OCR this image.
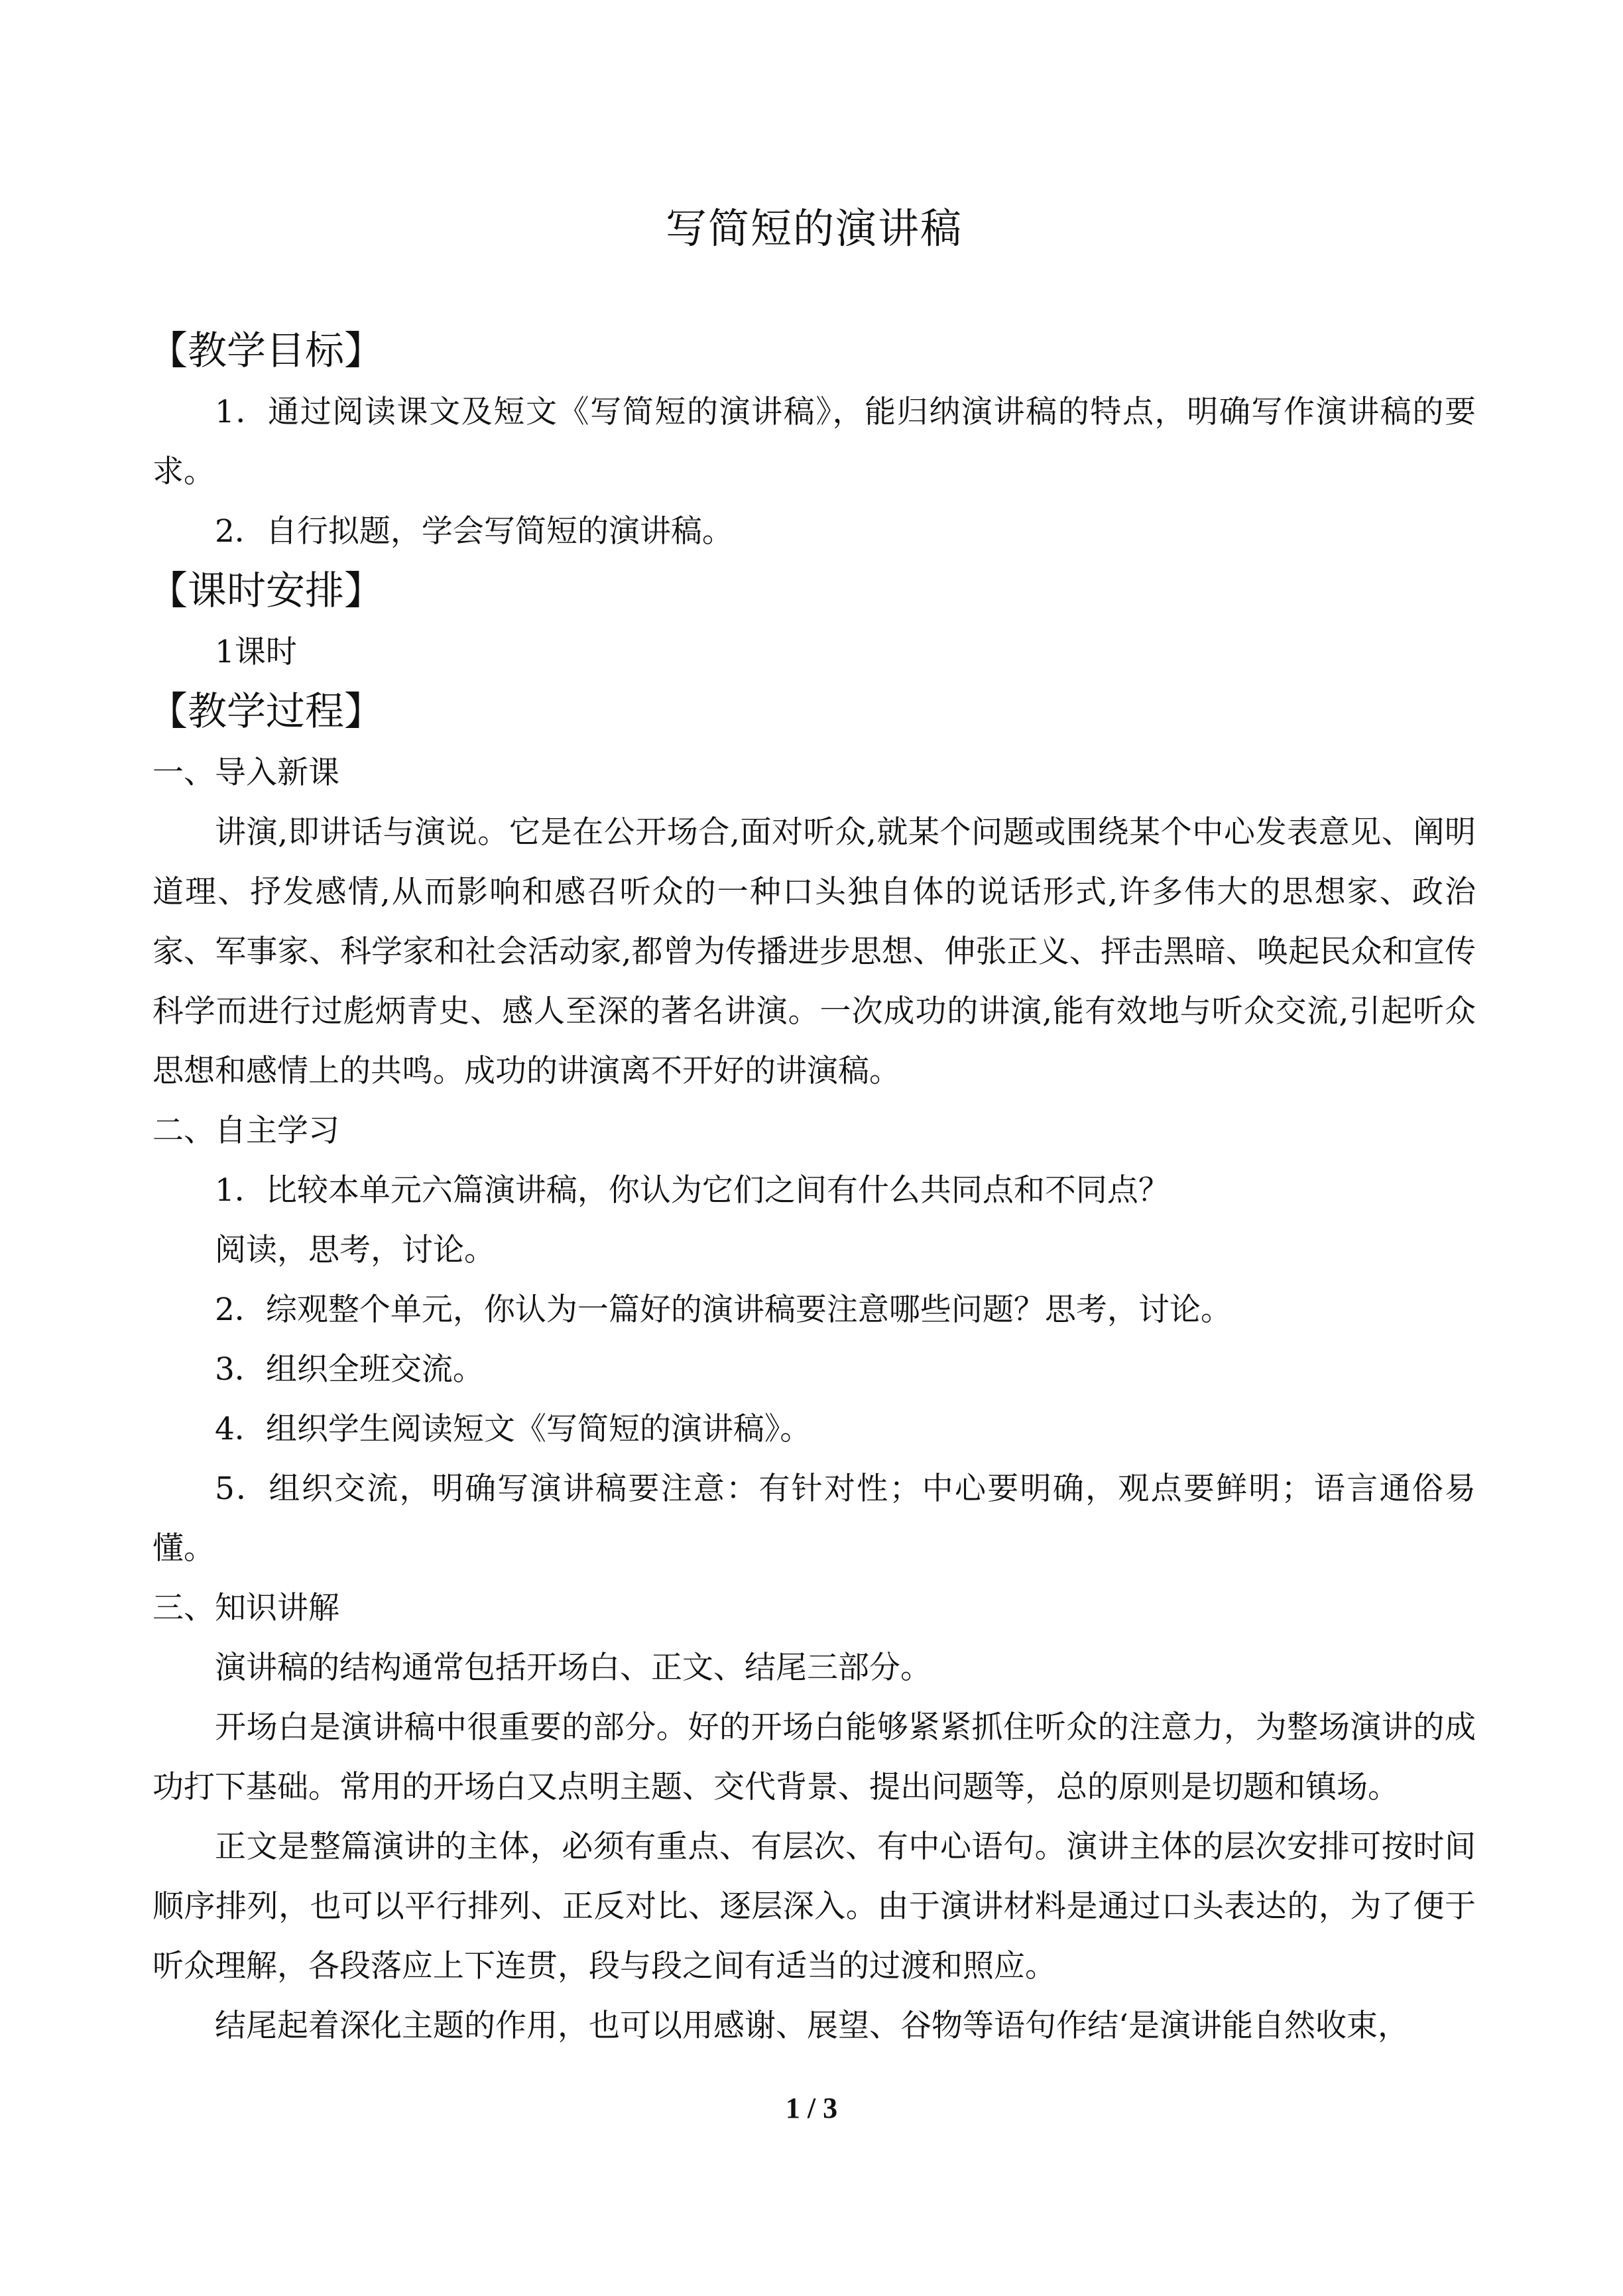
写简短的演讲稿
【教学目标】

1．通过阅读课文及短文《写简短的演讲稿》，能归纳演讲稿的特点，明确写作演讲稿的要求。

2．自行拟题，学会写简短的演讲稿。

【课时安排】

1课时

【教学过程】
一、导入新课

讲演,即讲话与演说。它是在公开场合,面对听众,就某个问题或围绕某个中心发表意见、阐明道理、抒发感情,从而影响和感召听众的一种口头独自体的说话形式,许多伟大的思想家、政治家、军事家、科学家和社会活动家,都曾为传播进步思想、伸张正义、抨击黑暗、唤起民众和宣传科学而进行过彪炳青史、感人至深的著名讲演。一次成功的讲演,能有效地与听众交流,引起听众思想和感情上的共鸣。成功的讲演离不开好的讲演稿。

二、自主学习

1．比较本单元六篇演讲稿，你认为它们之间有什么共同点和不同点？

阅读，思考，讨论。

2．综观整个单元，你认为一篇好的演讲稿要注意哪些问题？思考，讨论。

3．组织全班交流。

4．组织学生阅读短文《写简短的演讲稿》。

5．组织交流，明确写演讲稿要注意：有针对性；中心要明确，观点要鲜明；语言通俗易懂。

三、知识讲解

演讲稿的结构通常包括开场白、正文、结尾三部分。

开场白是演讲稿中很重要的部分。好的开场白能够紧紧抓住听众的注意力，为整场演讲的成功打下基础。常用的开场白又点明主题、交代背景、提出问题等，总的原则是切题和镇场。

正文是整篇演讲的主体，必须有重点、有层次、有中心语句。演讲主体的层次安排可按时间顺序排列，也可以平行排列、正反对比、逐层深入。由于演讲材料是通过口头表达的，为了便于听众理解，各段落应上下连贯，段与段之间有适当的过渡和照应。

结尾起着深化主题的作用，也可以用感谢、展望、谷物等语句作结‘是演讲能自然收束，

1 / 3
